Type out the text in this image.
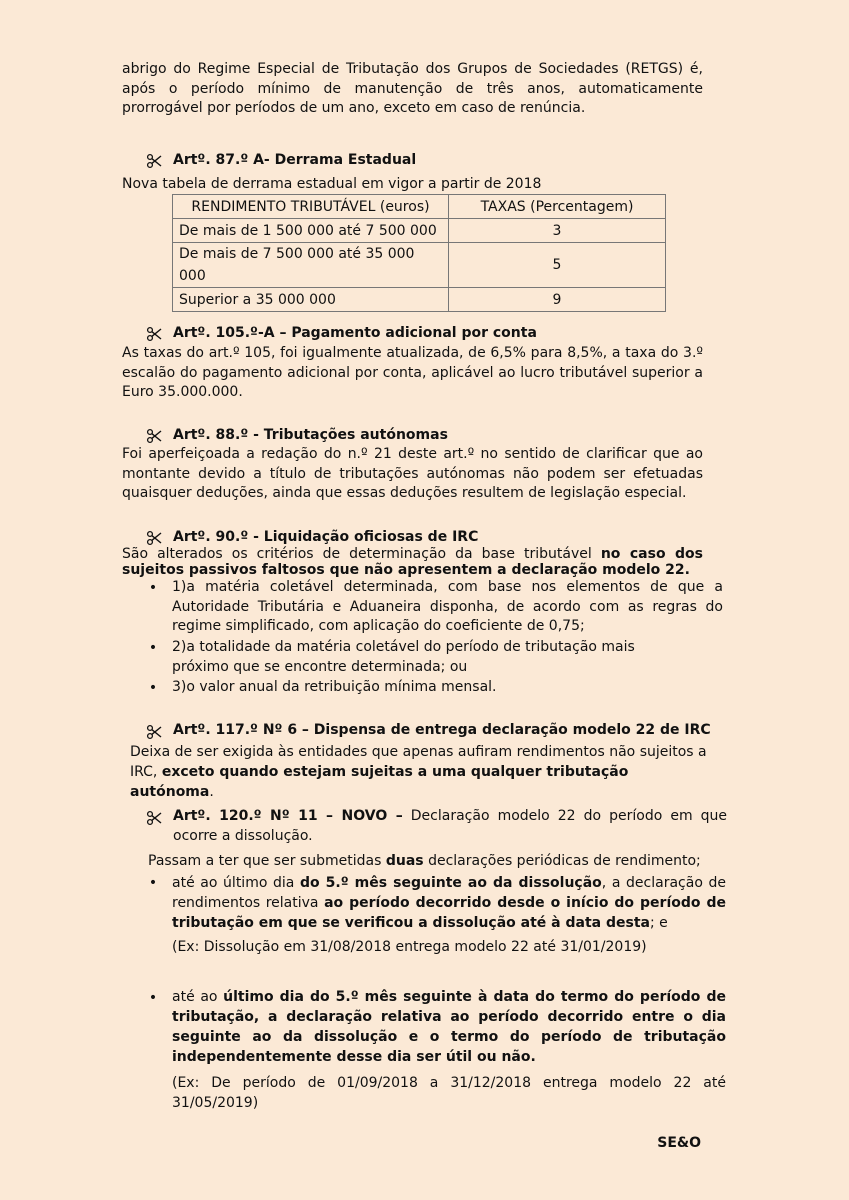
abrigo do Regime Especial de Tributação dos Grupos de Sociedades (RETGS) é, após o período mínimo de manutenção de três anos, automaticamente prorrogável por períodos de um ano, exceto em caso de renúncia.
Artº. 87.º A- Derrama Estadual
Nova tabela de derrama estadual em vigor a partir de 2018
RENDIMENTO TRIBUTÁVEL (euros)	TAXAS (Percentagem)
De mais de 1 500 000 até 7 500 000	3
De mais de 7 500 000 até 35 000 000	5
Superior a 35 000 000	9
Artº. 105.º-A – Pagamento adicional por conta
As taxas do art.º 105, foi igualmente atualizada, de 6,5% para 8,5%, a taxa do 3.º escalão do pagamento adicional por conta, aplicável ao lucro tributável superior a Euro 35.000.000.
Artº. 88.º - Tributações autónomas
Foi aperfeiçoada a redação do n.º 21 deste art.º no sentido de clarificar que ao montante devido a título de tributações autónomas não podem ser efetuadas quaisquer deduções, ainda que essas deduções resultem de legislação especial.
Artº. 90.º - Liquidação oficiosas de IRC
São alterados os critérios de determinação da base tributável no caso dos sujeitos passivos faltosos que não apresentem a declaração modelo 22.
• 1)a matéria coletável determinada, com base nos elementos de que a Autoridade Tributária e Aduaneira disponha, de acordo com as regras do regime simplificado, com aplicação do coeficiente de 0,75;
• 2)a totalidade da matéria coletável do período de tributação mais
próximo que se encontre determinada; ou
• 3)o valor anual da retribuição mínima mensal.
Artº. 117.º Nº 6 – Dispensa de entrega declaração modelo 22 de IRC
Deixa de ser exigida às entidades que apenas aufiram rendimentos não sujeitos a IRC, exceto quando estejam sujeitas a uma qualquer tributação autónoma.
Artº. 120.º Nº 11 – NOVO – Declaração modelo 22 do período em que ocorre a dissolução.
Passam a ter que ser submetidas duas declarações periódicas de rendimento;
• até ao último dia do 5.º mês seguinte ao da dissolução, a declaração de rendimentos relativa ao período decorrido desde o início do período de tributação em que se verificou a dissolução até à data desta; e
(Ex: Dissolução em 31/08/2018 entrega modelo 22 até 31/01/2019)
• até ao último dia do 5.º mês seguinte à data do termo do período de tributação, a declaração relativa ao período decorrido entre o dia seguinte ao da dissolução e o termo do período de tributação independentemente desse dia ser útil ou não.
(Ex: De período de 01/09/2018 a 31/12/2018 entrega modelo 22 até 31/05/2019)
SE&O
